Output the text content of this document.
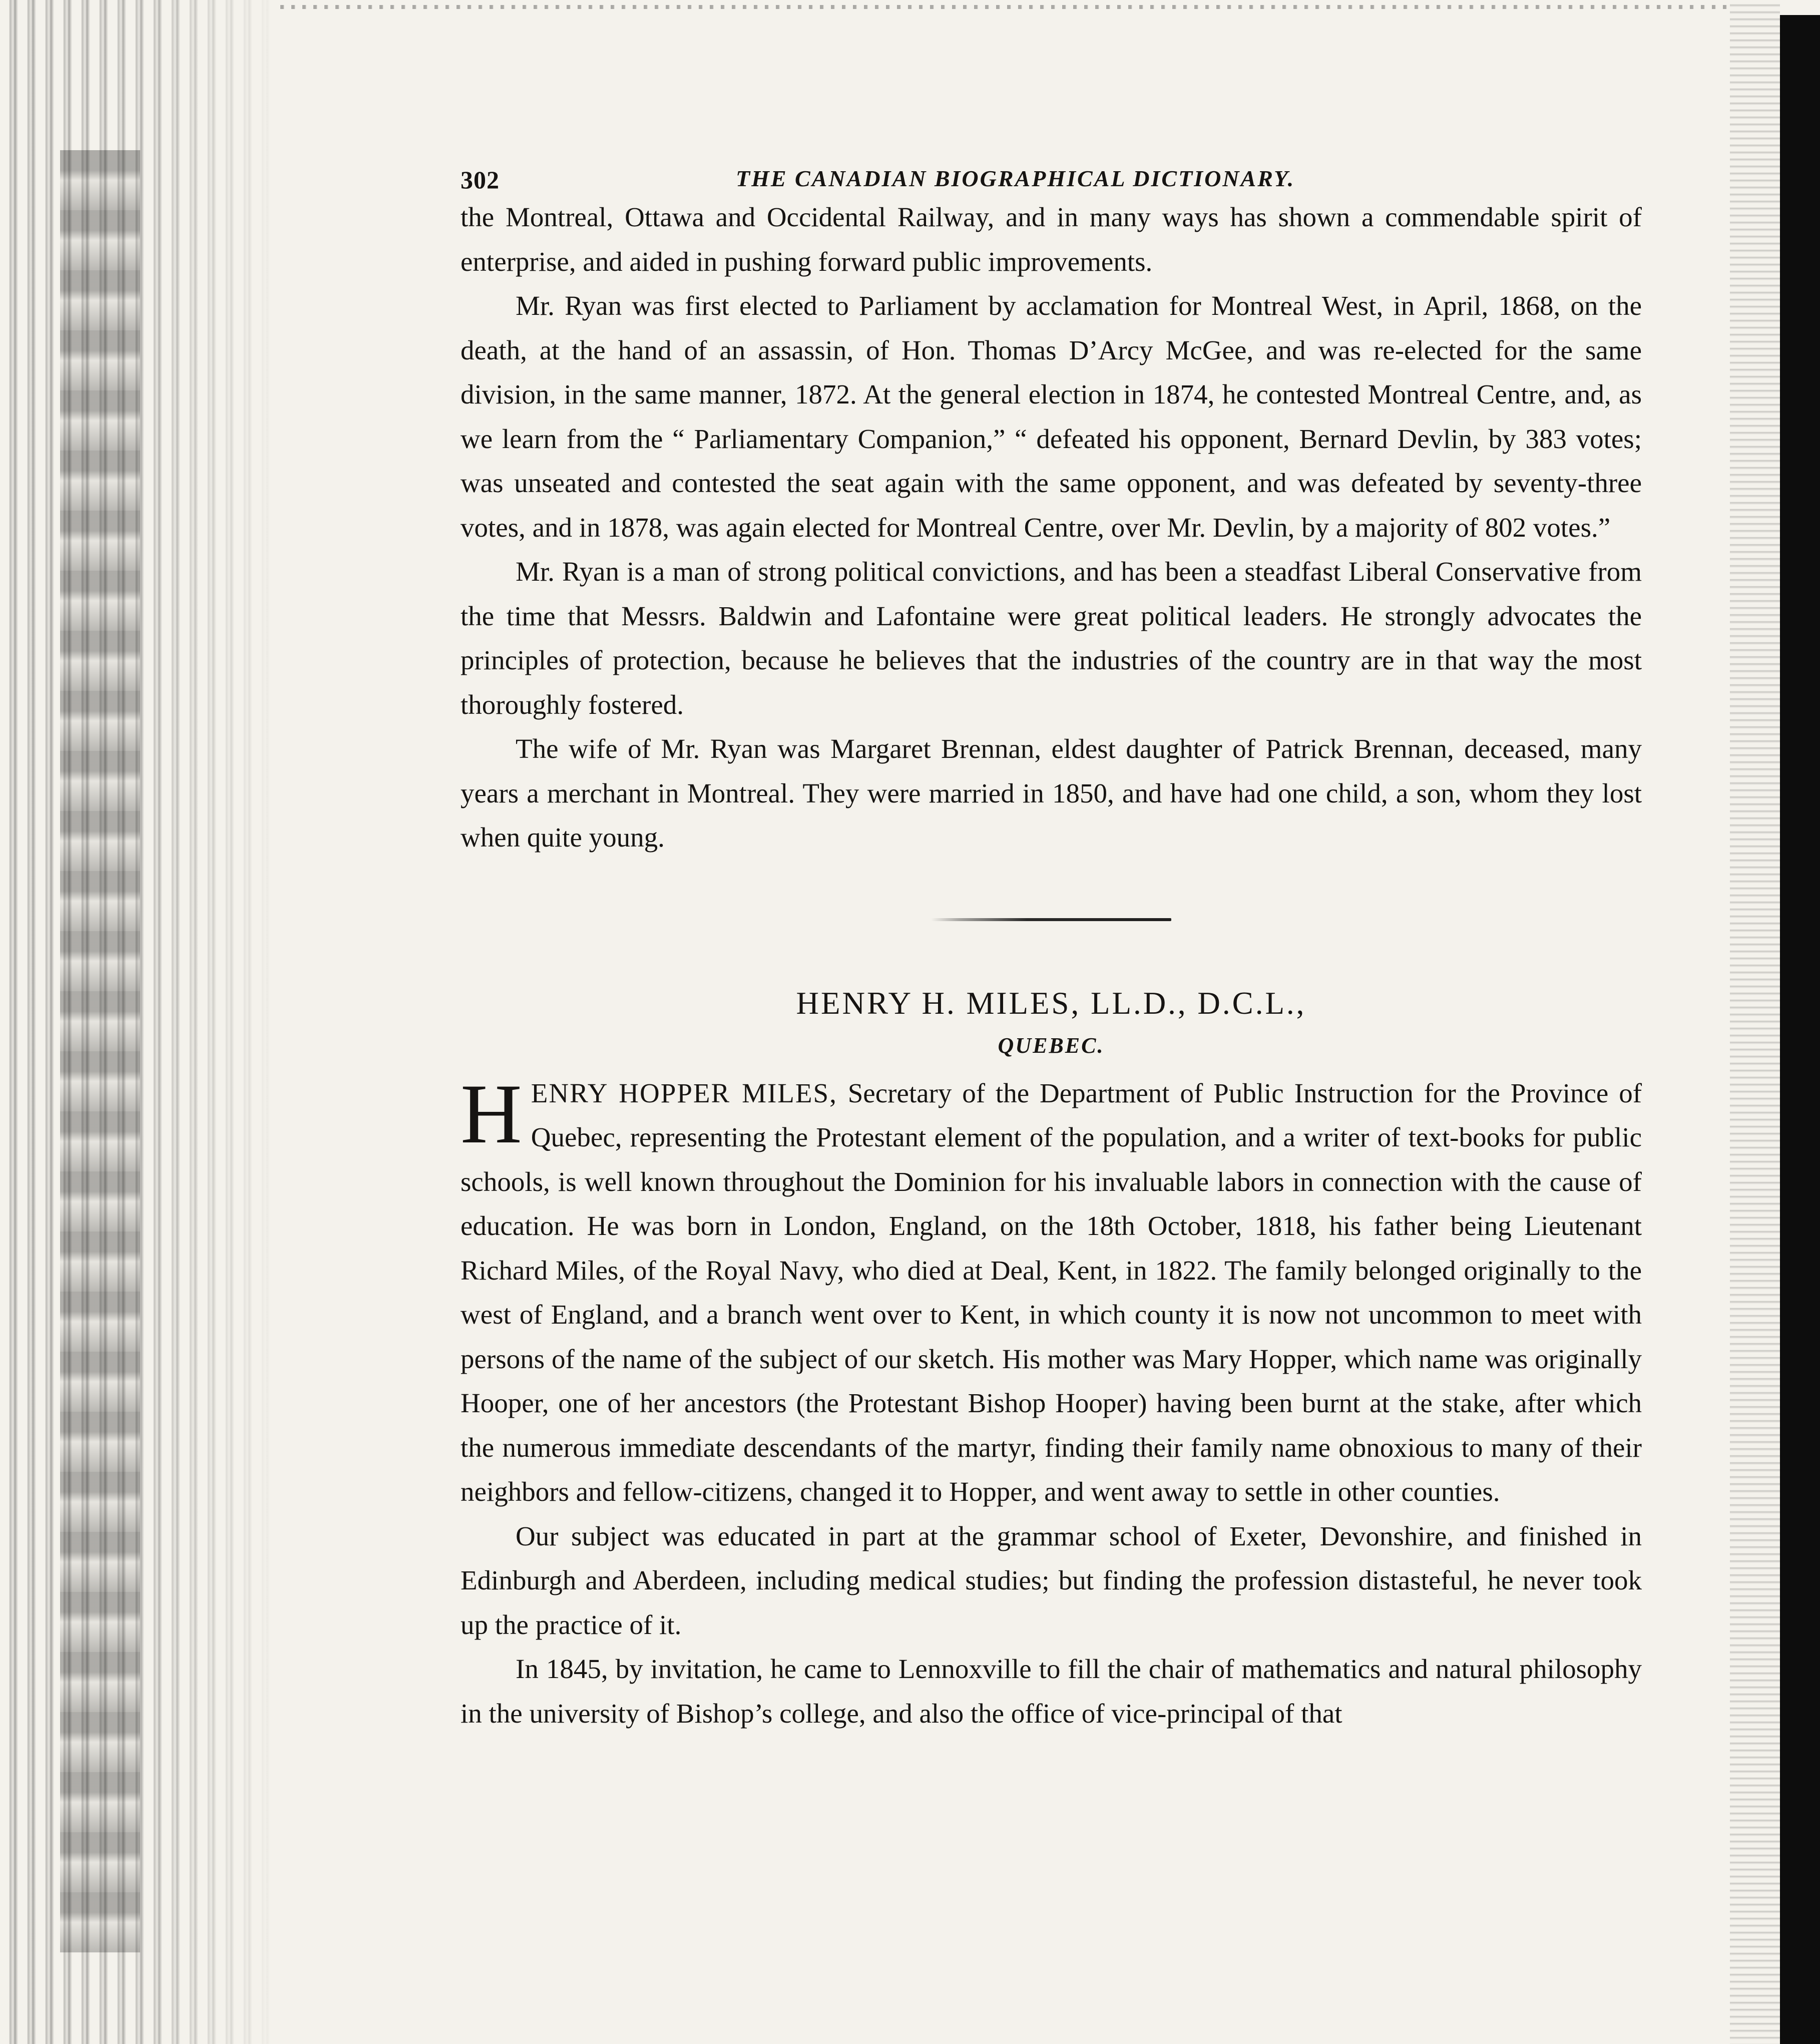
302	THE CANADIAN BIOGRAPHICAL DICTIONARY.

the Montreal, Ottawa and Occidental Railway, and in many ways has shown a commendable spirit of enterprise, and aided in pushing forward public improvements.

Mr. Ryan was first elected to Parliament by acclamation for Montreal West, in April, 1868, on the death, at the hand of an assassin, of Hon. Thomas D’Arcy McGee, and was re-elected for the same division, in the same manner, 1872. At the general election in 1874, he contested Montreal Centre, and, as we learn from the “ Parliamentary Companion,” “ defeated his opponent, Bernard Devlin, by 383 votes; was unseated and contested the seat again with the same opponent, and was defeated by seventy-three votes, and in 1878, was again elected for Montreal Centre, over Mr. Devlin, by a majority of 802 votes.”

Mr. Ryan is a man of strong political convictions, and has been a steadfast Liberal Conservative from the time that Messrs. Baldwin and Lafontaine were great political leaders. He strongly advocates the principles of protection, because he believes that the industries of the country are in that way the most thoroughly fostered.

The wife of Mr. Ryan was Margaret Brennan, eldest daughter of Patrick Brennan, deceased, many years a merchant in Montreal. They were married in 1850, and have had one child, a son, whom they lost when quite young.

HENRY H. MILES, LL.D., D.C.L.,
QUEBEC.

HENRY HOPPER MILES, Secretary of the Department of Public Instruction for the Province of Quebec, representing the Protestant element of the population, and a writer of text-books for public schools, is well known throughout the Dominion for his invaluable labors in connection with the cause of education. He was born in London, England, on the 18th October, 1818, his father being Lieutenant Richard Miles, of the Royal Navy, who died at Deal, Kent, in 1822. The family belonged originally to the west of England, and a branch went over to Kent, in which county it is now not uncommon to meet with persons of the name of the subject of our sketch. His mother was Mary Hopper, which name was originally Hooper, one of her ancestors (the Protestant Bishop Hooper) having been burnt at the stake, after which the numerous immediate descendants of the martyr, finding their family name obnoxious to many of their neighbors and fellow-citizens, changed it to Hopper, and went away to settle in other counties.

Our subject was educated in part at the grammar school of Exeter, Devonshire, and finished in Edinburgh and Aberdeen, including medical studies; but finding the profession distasteful, he never took up the practice of it.

In 1845, by invitation, he came to Lennoxville to fill the chair of mathematics and natural philosophy in the university of Bishop’s college, and also the office of vice-principal of that
